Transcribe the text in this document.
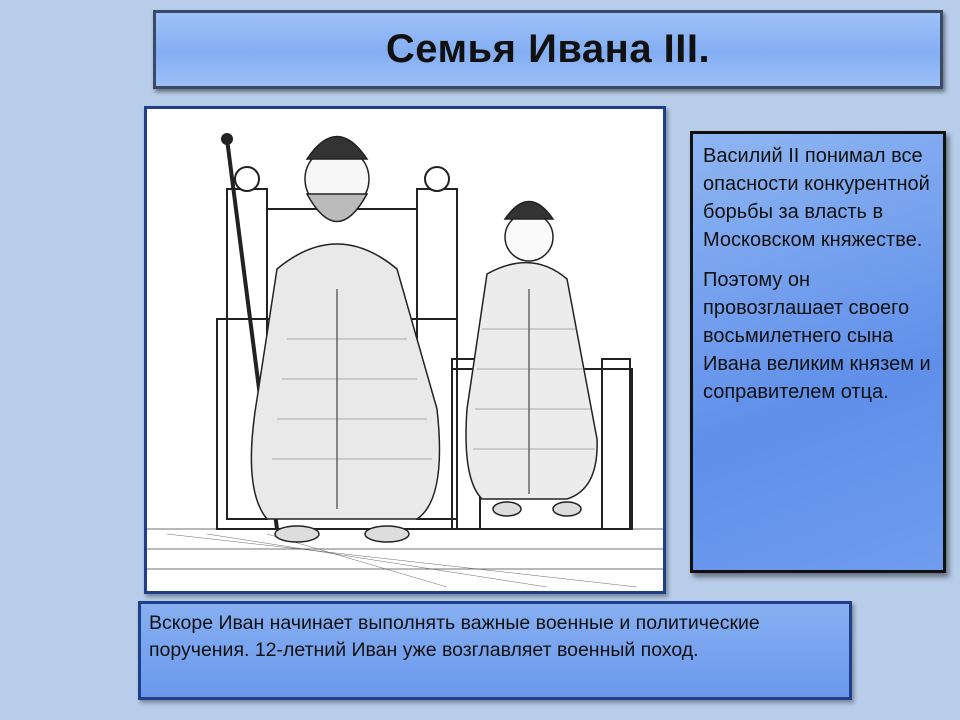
Семья Ивана III.

Василий II понимал все опасности конкурентной борьбы за власть в Московском княжестве.

Поэтому он провозглашает своего восьмилетнего сына Ивана великим князем и соправителем отца.

Вскоре Иван начинает выполнять важные военные и политические поручения. 12-летний Иван уже возглавляет военный поход.
